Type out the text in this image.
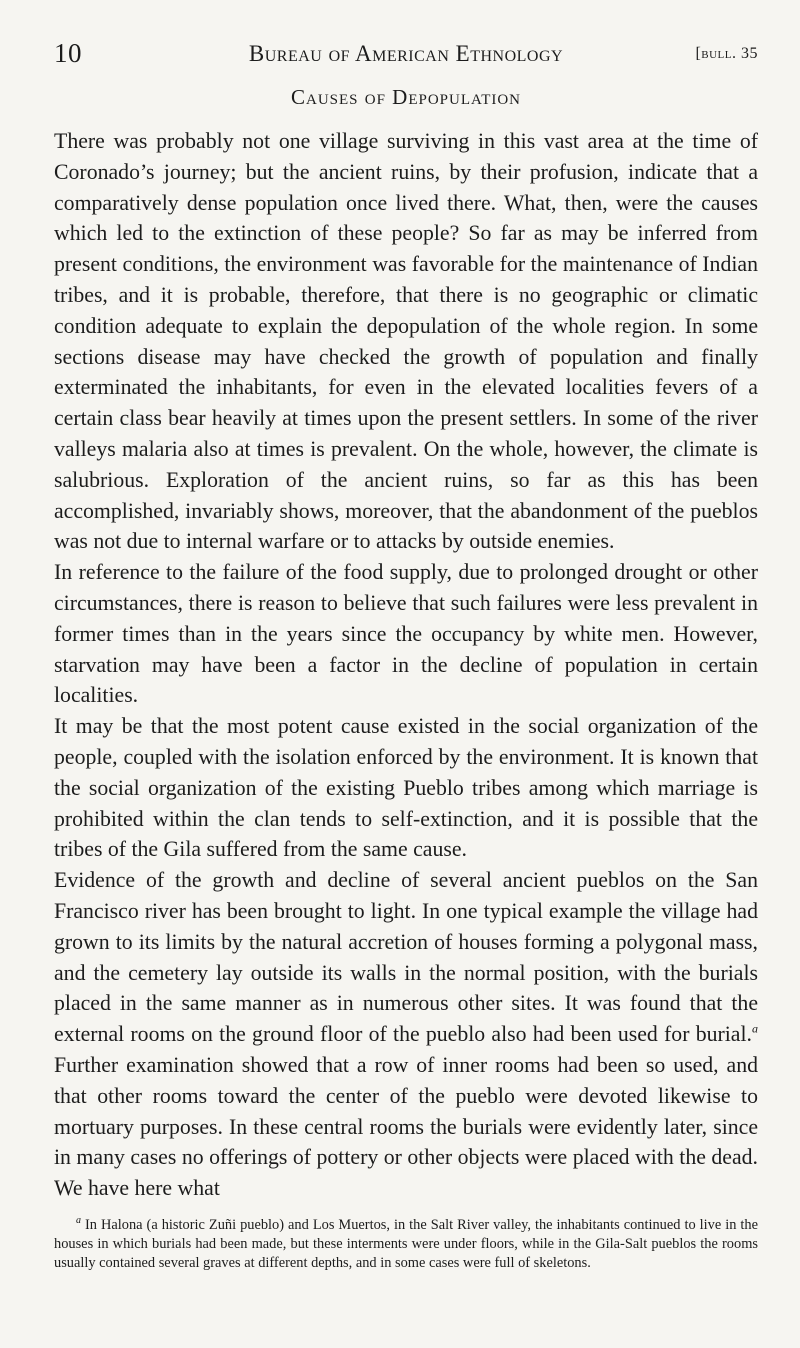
10	Bureau of American Ethnology	[bull. 35
Causes of Depopulation

There was probably not one village surviving in this vast area at the time of Coronado’s journey; but the ancient ruins, by their profusion, indicate that a comparatively dense population once lived there. What, then, were the causes which led to the extinction of these people? So far as may be inferred from present conditions, the environment was favorable for the maintenance of Indian tribes, and it is probable, therefore, that there is no geographic or climatic condition adequate to explain the depopulation of the whole region. In some sections disease may have checked the growth of population and finally exterminated the inhabitants, for even in the elevated localities fevers of a certain class bear heavily at times upon the present settlers. In some of the river valleys malaria also at times is prevalent. On the whole, however, the climate is salubrious. Exploration of the ancient ruins, so far as this has been accomplished, invariably shows, moreover, that the abandonment of the pueblos was not due to internal warfare or to attacks by outside enemies.

In reference to the failure of the food supply, due to prolonged drought or other circumstances, there is reason to believe that such failures were less prevalent in former times than in the years since the occupancy by white men. However, starvation may have been a factor in the decline of population in certain localities.

It may be that the most potent cause existed in the social organization of the people, coupled with the isolation enforced by the environment. It is known that the social organization of the existing Pueblo tribes among which marriage is prohibited within the clan tends to self-extinction, and it is possible that the tribes of the Gila suffered from the same cause.

Evidence of the growth and decline of several ancient pueblos on the San Francisco river has been brought to light. In one typical example the village had grown to its limits by the natural accretion of houses forming a polygonal mass, and the cemetery lay outside its walls in the normal position, with the burials placed in the same manner as in numerous other sites. It was found that the external rooms on the ground floor of the pueblo also had been used for burial.$^a$ Further examination showed that a row of inner rooms had been so used, and that other rooms toward the center of the pueblo were devoted likewise to mortuary purposes. In these central rooms the burials were evidently later, since in many cases no offerings of pottery or other objects were placed with the dead. We have here what

$^a$ In Halona (a historic Zuñi pueblo) and Los Muertos, in the Salt River valley, the inhabitants continued to live in the houses in which burials had been made, but these interments were under floors, while in the Gila-Salt pueblos the rooms usually contained several graves at different depths, and in some cases were full of skeletons.
